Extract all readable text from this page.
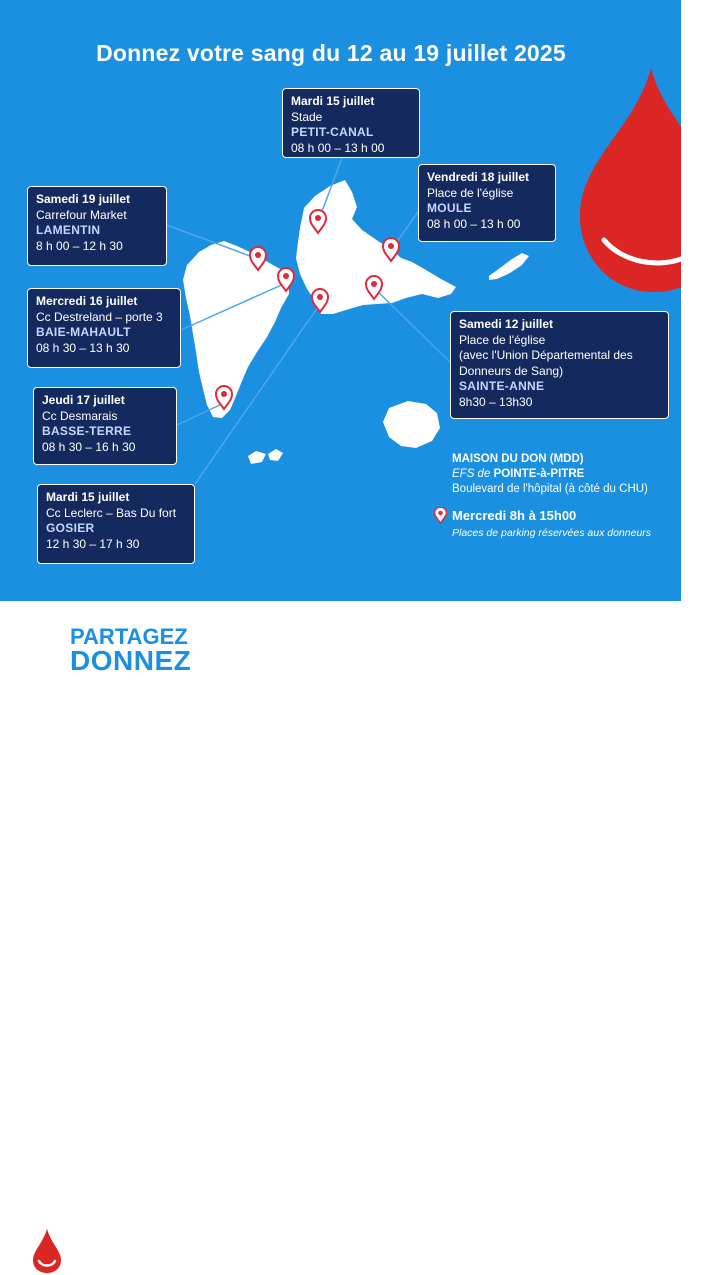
Donnez votre sang du 12 au 19 juillet 2025
Mardi 15 juillet
Stade
PETIT-CANAL
08 h 00 – 13 h 00
Samedi 19 juillet
Carrefour Market
LAMENTIN
8 h 00 – 12 h 30
Vendredi 18 juillet
Place de l'église
MOULE
08 h 00 – 13 h 00
Mercredi 16 juillet
Cc Destreland – porte 3
BAIE-MAHAULT
08 h 30 – 13 h 30
Samedi 12 juillet
Place de l'église
(avec l'Union Départemental des
Donneurs de Sang)
SAINTE-ANNE
8h30 – 13h30
Jeudi 17 juillet
Cc Desmarais
BASSE-TERRE
08 h 30 – 16 h 30
Mardi 15 juillet
Cc Leclerc – Bas Du fort
GOSIER
12 h 30 – 17 h 30
MAISON DU DON (MDD)
EFS de POINTE-à-PITRE
Boulevard de l'hôpital (à côté du CHU)
Mercredi 8h à 15h00
Places de parking réservées aux donneurs
PARTAGEZ
DONNEZ
